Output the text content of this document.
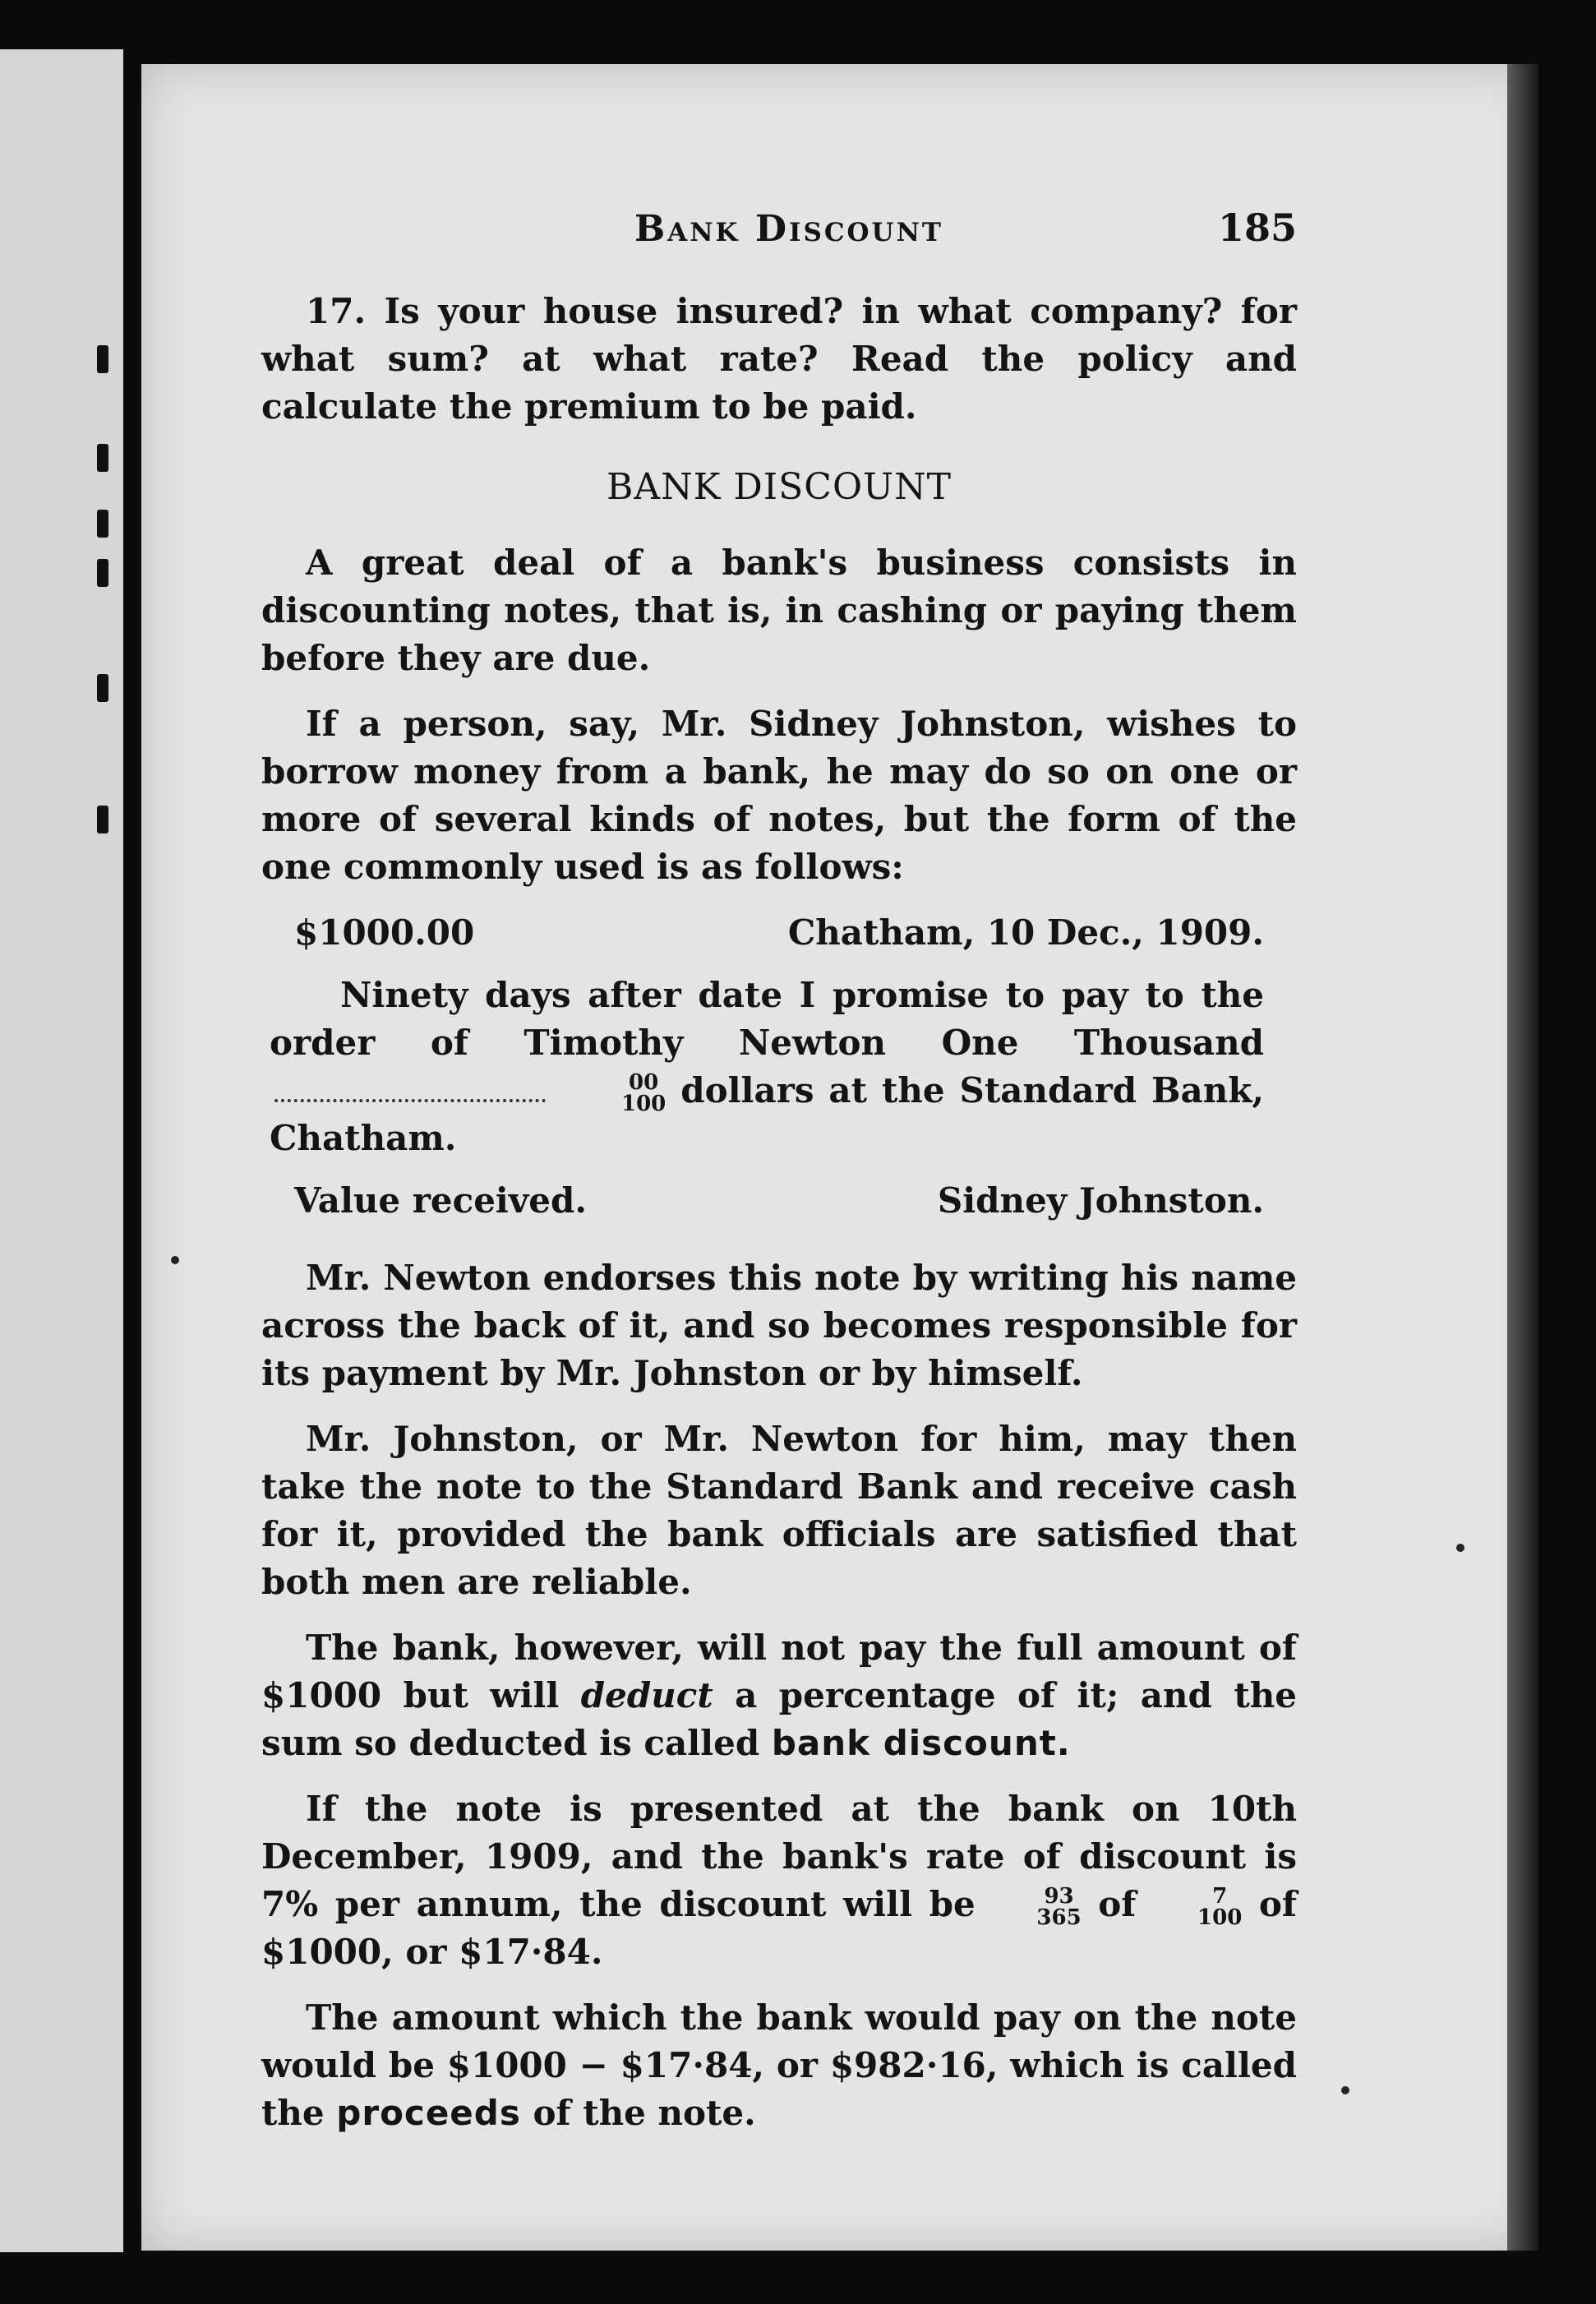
Bank Discount	185

17. Is your house insured? in what company? for what sum? at what rate? Read the policy and calculate the premium to be paid.

BANK DISCOUNT

A great deal of a bank's business consists in discounting notes, that is, in cashing or paying them before they are due.

If a person, say, Mr. Sidney Johnston, wishes to borrow money from a bank, he may do so on one or more of several kinds of notes, but the form of the one commonly used is as follows:

$1000.00	Chatham, 10 Dec., 1909.
Ninety days after date I promise to pay to the order of Timothy Newton One Thousand
00
100 dollars at the Standard Bank, Chatham.
Value received.	Sidney Johnston.

Mr. Newton endorses this note by writing his name across the back of it, and so becomes responsible for its payment by Mr. Johnston or by himself.

Mr. Johnston, or Mr. Newton for him, may then take the note to the Standard Bank and receive cash for it, provided the bank officials are satisfied that both men are reliable.

The bank, however, will not pay the full amount of $1000 but will deduct a percentage of it; and the sum so deducted is called bank discount.

If the note is presented at the bank on 10th December, 1909, and the bank's rate of discount is 7% per annum, the discount will be	93
365 of	7
100 of $1000, or $17·84.

The amount which the bank would pay on the note would be $1000 − $17·84, or $982·16, which is called the proceeds of the note.
